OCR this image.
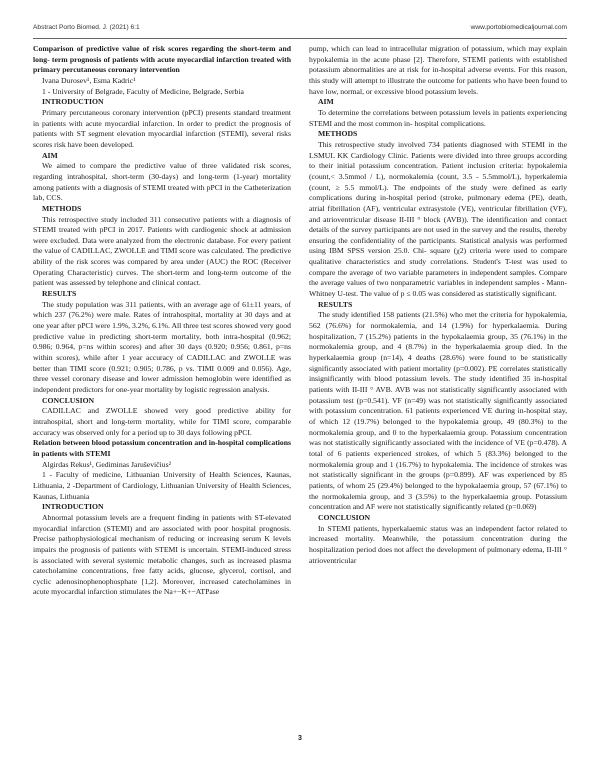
Abstract Porto Biomed. J. (2021) 6:1	www.portobiomedicaljournal.com

Comparison of predictive value of risk scores regarding the short-term and long- term prognosis of patients with acute myocardial infarction treated with primary percutaneous coronary intervention

Ivana Durosev¹, Esma Kadric¹

1 - University of Belgrade, Faculty of Medicine, Belgrade, Serbia

INTRODUCTION

Primary percutaneous coronary intervention (pPCI) presents standard treatment in patients with acute myocardial infarction. In order to predict the prognosis of patients with ST segment elevation myocardial infarction (STEMI), several risks scores risk have been developed.

AIM

We aimed to compare the predictive value of three validated risk scores, regarding intrahospital, short-term (30-days) and long-term (1-year) mortality among patients with a diagnosis of STEMI treated with pPCI in the Catheterization lab, CCS.

METHODS

This retrospective study included 311 consecutive patients with a diagnosis of STEMI treated with pPCI in 2017. Patients with cardiogenic shock at admission were excluded. Data were analyzed from the electronic database. For every patient the value of CADILLAC, ZWOLLE and TIMI score was calculated. The predictive ability of the risk scores was compared by area under (AUC) the ROC (Receiver Operating Characteristic) curves. The short-term and long-term outcome of the patient was assessed by telephone and clinical contact.

RESULTS

The study population was 311 patients, with an average age of 61±11 years, of which 237 (76.2%) were male. Rates of intrahospital, mortality at 30 days and at one year after pPCI were 1.9%, 3.2%, 6.1%. All three test scores showed very good predictive value in predicting short-term mortality, both intra-hospital (0.962; 0.986; 0.964, p=ns within scores) and after 30 days (0.920; 0.956; 0.861, p=ns within scores), while after 1 year accuracy of CADILLAC and ZWOLLE was better than TIMI score (0.921; 0.905; 0.786, p vs. TIMI 0.009 and 0.056). Age, three vessel coronary disease and lower admission hemoglobin were identified as independent predictors for one-year mortality by logistic regression analysis.

CONCLUSION

CADILLAC and ZWOLLE showed very good predictive ability for intrahospital, short and long-term mortality, while for TIMI score, comparable accuracy was observed only for a period up to 30 days following pPCI.

Relation between blood potassium concentration and in-hospital complications in patients with STEMI

Algirdas Rekus¹, Gediminas Jaruševičius²

1 - Faculty of medicine, Lithuanian University of Health Sciences, Kaunas, Lithuania, 2 -Department of Cardiology, Lithuanian University of Health Sciences, Kaunas, Lithuania

INTRODUCTION

Abnormal potassium levels are a frequent finding in patients with ST-elevated myocardial infarction (STEMI) and are associated with poor hospital prognosis. Precise pathophysiological mechanism of reducing or increasing serum K levels impairs the prognosis of patients with STEMI is uncertain. STEMI-induced stress is associated with several systemic metabolic changes, such as increased plasma catecholamine concentrations, free fatty acids, glucose, glycerol, cortisol, and cyclic adenosinophenophosphate [1,2]. Moreover, increased catecholamines in acute myocardial infarction stimulates the Na+−K+−ATPase

pump, which can lead to intracellular migration of potassium, which may explain hypokalemia in the acute phase [2]. Therefore, STEMI patients with established potassium abnormalities are at risk for in-hospital adverse events. For this reason, this study will attempt to illustrate the outcome for patients who have been found to have low, normal, or excessive blood potassium levels.

AIM

To determine the correlations between potassium levels in patients experiencing STEMI and the most common in- hospital complications.

METHODS

This retrospective study involved 734 patients diagnosed with STEMI in the LSMUL KK Cardiology Clinic. Patients were divided into three groups according to their initial potassium concentration. Patient inclusion criteria: hypokalemia (count,< 3.5mmol / L), normokalemia (count, 3.5 - 5.5mmol/L), hyperkalemia (count, ≥ 5.5 mmol/L). The endpoints of the study were defined as early complications during in-hospital period (stroke, pulmonary edema (PE), death, atrial fibrillation (AF), ventricular extrasystole (VE), ventricular fibrillation (VF), and atrioventricular disease II-III ° block (AVB)). The identification and contact details of the survey participants are not used in the survey and the results, thereby ensuring the confidentiality of the participants. Statistical analysis was performed using IBM SPSS version 25.0. Chi- square (χ2) criteria were used to compare qualitative characteristics and study correlations. Student's T-test was used to compare the average of two variable parameters in independent samples. Compare the average values of two nonparametric variables in independent samples - Mann-Whitney U-test. The value of p ≤ 0.05 was considered as statistically significant.

RESULTS

The study identified 158 patients (21.5%) who met the criteria for hypokalemia, 562 (76.6%) for normokalemia, and 14 (1.9%) for hyperkalaemia. During hospitalization, 7 (15.2%) patients in the hypokalaemia group, 35 (76.1%) in the normokalemia group, and 4 (8.7%) in the hyperkalaemia group died. In the hyperkalaemia group (n=14), 4 deaths (28.6%) were found to be statistically significantly associated with patient mortality (p=0.002). PE correlates statistically insignificantly with blood potassium levels. The study identified 35 in-hospital patients with II-III ° AVB. AVB was not statistically significantly associated with potassium test (p=0.541). VF (n=49) was not statistically significantly associated with potassium concentration. 61 patients experienced VE during in-hospital stay, of which 12 (19.7%) belonged to the hypokalemia group, 49 (80.3%) to the normokalemia group, and 0 to the hyperkalaemia group. Potassium concentration was not statistically significantly associated with the incidence of VE (p=0.478). A total of 6 patients experienced strokes, of which 5 (83.3%) belonged to the normokalemia group and 1 (16.7%) to hypokalemia. The incidence of strokes was not statistically significant in the groups (p=0.899). AF was experienced by 85 patients, of whom 25 (29.4%) belonged to the hypokalaemia group, 57 (67.1%) to the normokalemia group, and 3 (3.5%) to the hyperkalaemia group. Potassium concentration and AF were not statistically significantly related (p=0.069)

CONCLUSION

In STEMI patients, hyperkalaemic status was an independent factor related to increased mortality. Meanwhile, the potassium concentration during the hospitalization period does not affect the development of pulmonary edema, II-III ° atrioventricular

3
